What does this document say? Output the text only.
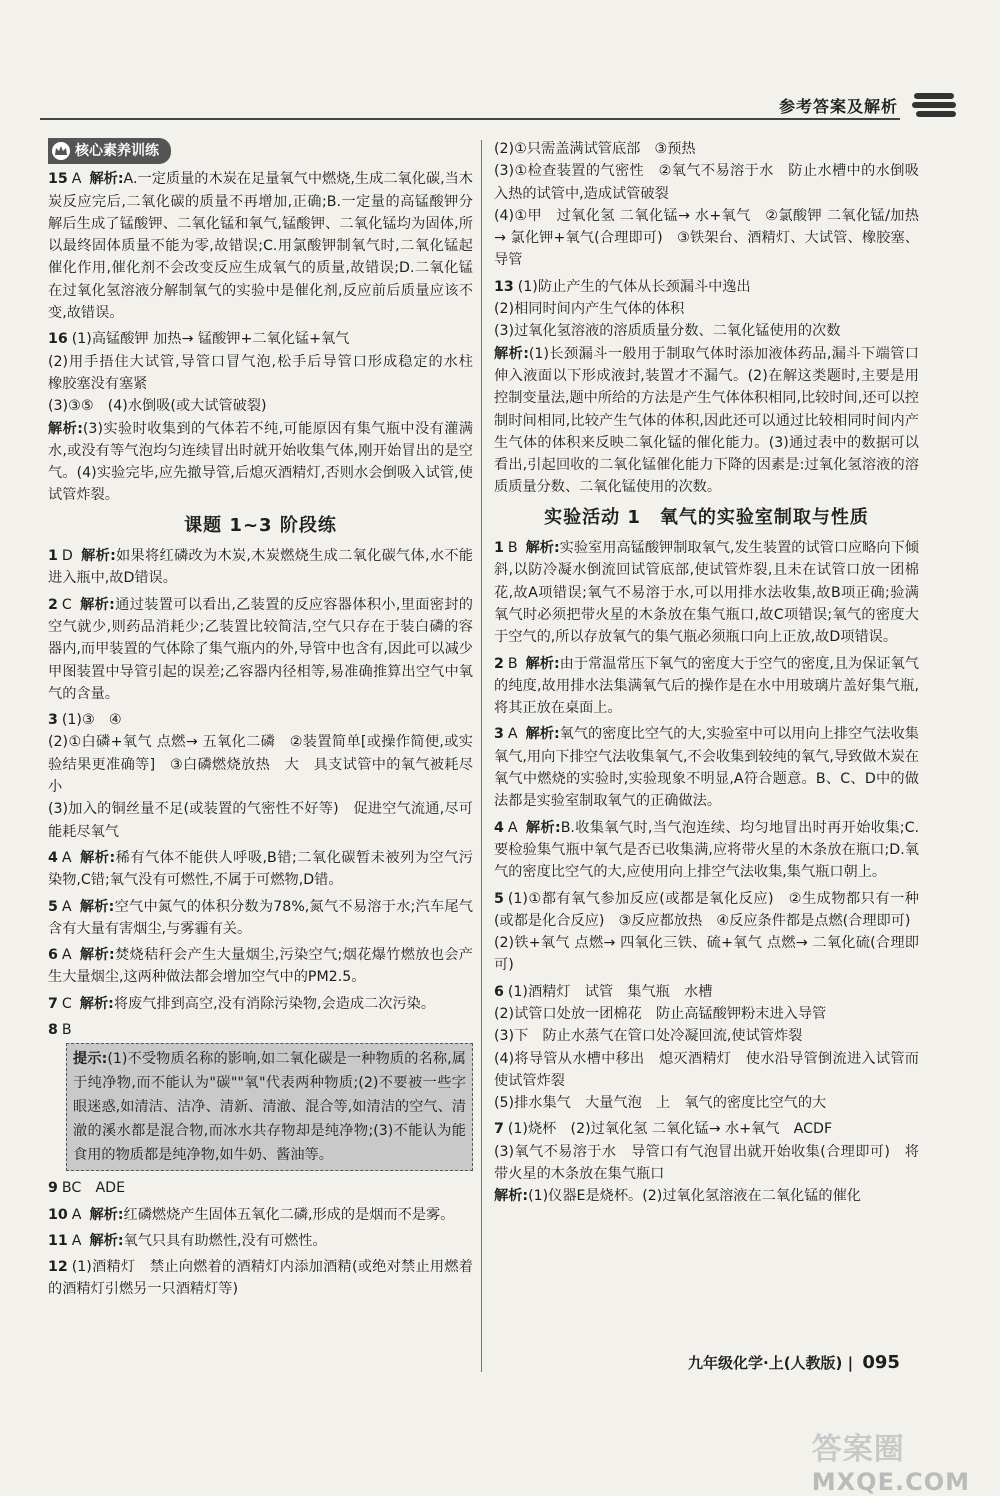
参考答案及解析
核心素养训练
15 A 解析:A.一定质量的木炭在足量氧气中燃烧,生成二氧化碳,当木炭反应完后,二氧化碳的质量不再增加,正确;B.一定量的高锰酸钾分解后生成了锰酸钾、二氧化锰和氧气,锰酸钾、二氧化锰均为固体,所以最终固体质量不能为零,故错误;C.用氯酸钾制氧气时,二氧化锰起催化作用,催化剂不会改变反应生成氧气的质量,故错误;D.二氧化锰在过氧化氢溶液分解制氧气的实验中是催化剂,反应前后质量应该不变,故错误。
16 (1)高锰酸钾 加热→ 锰酸钾+二氧化锰+氧气
(2)用手捂住大试管,导管口冒气泡,松手后导管口形成稳定的水柱　橡胶塞没有塞紧
(3)③⑤　(4)水倒吸(或大试管破裂)
解析:(3)实验时收集到的气体若不纯,可能原因有集气瓶中没有灌满水,或没有等气泡均匀连续冒出时就开始收集气体,刚开始冒出的是空气。(4)实验完毕,应先撤导管,后熄灭酒精灯,否则水会倒吸入试管,使试管炸裂。
课题 1~3 阶段练
1 D 解析:如果将红磷改为木炭,木炭燃烧生成二氧化碳气体,水不能进入瓶中,故D错误。
2 C 解析:通过装置可以看出,乙装置的反应容器体积小,里面密封的空气就少,则药品消耗少;乙装置比较简洁,空气只存在于装白磷的容器内,而甲装置的气体除了集气瓶内的外,导管中也含有,因此可以减少甲图装置中导管引起的误差;乙容器内径相等,易准确推算出空气中氧气的含量。
3 (1)③　④
(2)①白磷+氧气 点燃→ 五氧化二磷　②装置简单[或操作简便,或实验结果更准确等]　③白磷燃烧放热　大　具支试管中的氧气被耗尽　小
(3)加入的铜丝量不足(或装置的气密性不好等)　促进空气流通,尽可能耗尽氧气
4 A 解析:稀有气体不能供人呼吸,B错;二氧化碳暂未被列为空气污染物,C错;氧气没有可燃性,不属于可燃物,D错。
5 A 解析:空气中氮气的体积分数为78%,氮气不易溶于水;汽车尾气含有大量有害烟尘,与雾霾有关。
6 A 解析:焚烧秸秆会产生大量烟尘,污染空气;烟花爆竹燃放也会产生大量烟尘,这两种做法都会增加空气中的PM2.5。
7 C 解析:将废气排到高空,没有消除污染物,会造成二次污染。
8 B
提示:(1)不受物质名称的影响,如二氧化碳是一种物质的名称,属于纯净物,而不能认为"碳""氧"代表两种物质;(2)不要被一些字眼迷惑,如清洁、洁净、清新、清澈、混合等,如清洁的空气、清澈的溪水都是混合物,而冰水共存物却是纯净物;(3)不能认为能食用的物质都是纯净物,如牛奶、酱油等。
9 BC　ADE
10 A 解析:红磷燃烧产生固体五氧化二磷,形成的是烟而不是雾。
11 A 解析:氧气只具有助燃性,没有可燃性。
12 (1)酒精灯　禁止向燃着的酒精灯内添加酒精(或绝对禁止用燃着的酒精灯引燃另一只酒精灯等)
(2)①只需盖满试管底部　③预热
(3)①检查装置的气密性　②氧气不易溶于水　防止水槽中的水倒吸入热的试管中,造成试管破裂
(4)①甲　过氧化氢 二氧化锰→ 水+氧气　②氯酸钾 二氧化锰/加热→ 氯化钾+氧气(合理即可)　③铁架台、酒精灯、大试管、橡胶塞、导管
13 (1)防止产生的气体从长颈漏斗中逸出
(2)相同时间内产生气体的体积
(3)过氧化氢溶液的溶质质量分数、二氧化锰使用的次数
解析:(1)长颈漏斗一般用于制取气体时添加液体药品,漏斗下端管口伸入液面以下形成液封,装置才不漏气。(2)在解这类题时,主要是用控制变量法,题中所给的方法是产生气体体积相同,比较时间,还可以控制时间相同,比较产生气体的体积,因此还可以通过比较相同时间内产生气体的体积来反映二氧化锰的催化能力。(3)通过表中的数据可以看出,引起回收的二氧化锰催化能力下降的因素是:过氧化氢溶液的溶质质量分数、二氧化锰使用的次数。
实验活动 1　氧气的实验室制取与性质
1 B 解析:实验室用高锰酸钾制取氧气,发生装置的试管口应略向下倾斜,以防冷凝水倒流回试管底部,使试管炸裂,且未在试管口放一团棉花,故A项错误;氧气不易溶于水,可以用排水法收集,故B项正确;验满氧气时必须把带火星的木条放在集气瓶口,故C项错误;氧气的密度大于空气的,所以存放氧气的集气瓶必须瓶口向上正放,故D项错误。
2 B 解析:由于常温常压下氧气的密度大于空气的密度,且为保证氧气的纯度,故用排水法集满氧气后的操作是在水中用玻璃片盖好集气瓶,将其正放在桌面上。
3 A 解析:氧气的密度比空气的大,实验室中可以用向上排空气法收集氧气,用向下排空气法收集氧气,不会收集到较纯的氧气,导致做木炭在氧气中燃烧的实验时,实验现象不明显,A符合题意。B、C、D中的做法都是实验室制取氧气的正确做法。
4 A 解析:B.收集氧气时,当气泡连续、均匀地冒出时再开始收集;C.要检验集气瓶中氧气是否已收集满,应将带火星的木条放在瓶口;D.氧气的密度比空气的大,应使用向上排空气法收集,集气瓶口朝上。
5 (1)①都有氧气参加反应(或都是氧化反应)　②生成物都只有一种(或都是化合反应)　③反应都放热　④反应条件都是点燃(合理即可)
(2)铁+氧气 点燃→ 四氧化三铁、硫+氧气 点燃→ 二氧化硫(合理即可)
6 (1)酒精灯　试管　集气瓶　水槽
(2)试管口处放一团棉花　防止高锰酸钾粉末进入导管
(3)下　防止水蒸气在管口处冷凝回流,使试管炸裂
(4)将导管从水槽中移出　熄灭酒精灯　使水沿导管倒流进入试管而使试管炸裂
(5)排水集气　大量气泡　上　氧气的密度比空气的大
7 (1)烧杯　(2)过氧化氢 二氧化锰→ 水+氧气　ACDF
(3)氧气不易溶于水　导管口有气泡冒出就开始收集(合理即可)　将带火星的木条放在集气瓶口
解析:(1)仪器E是烧杯。(2)过氧化氢溶液在二氧化锰的催化
九年级化学·上(人教版) | 095
答案圈
MXQE.COM
